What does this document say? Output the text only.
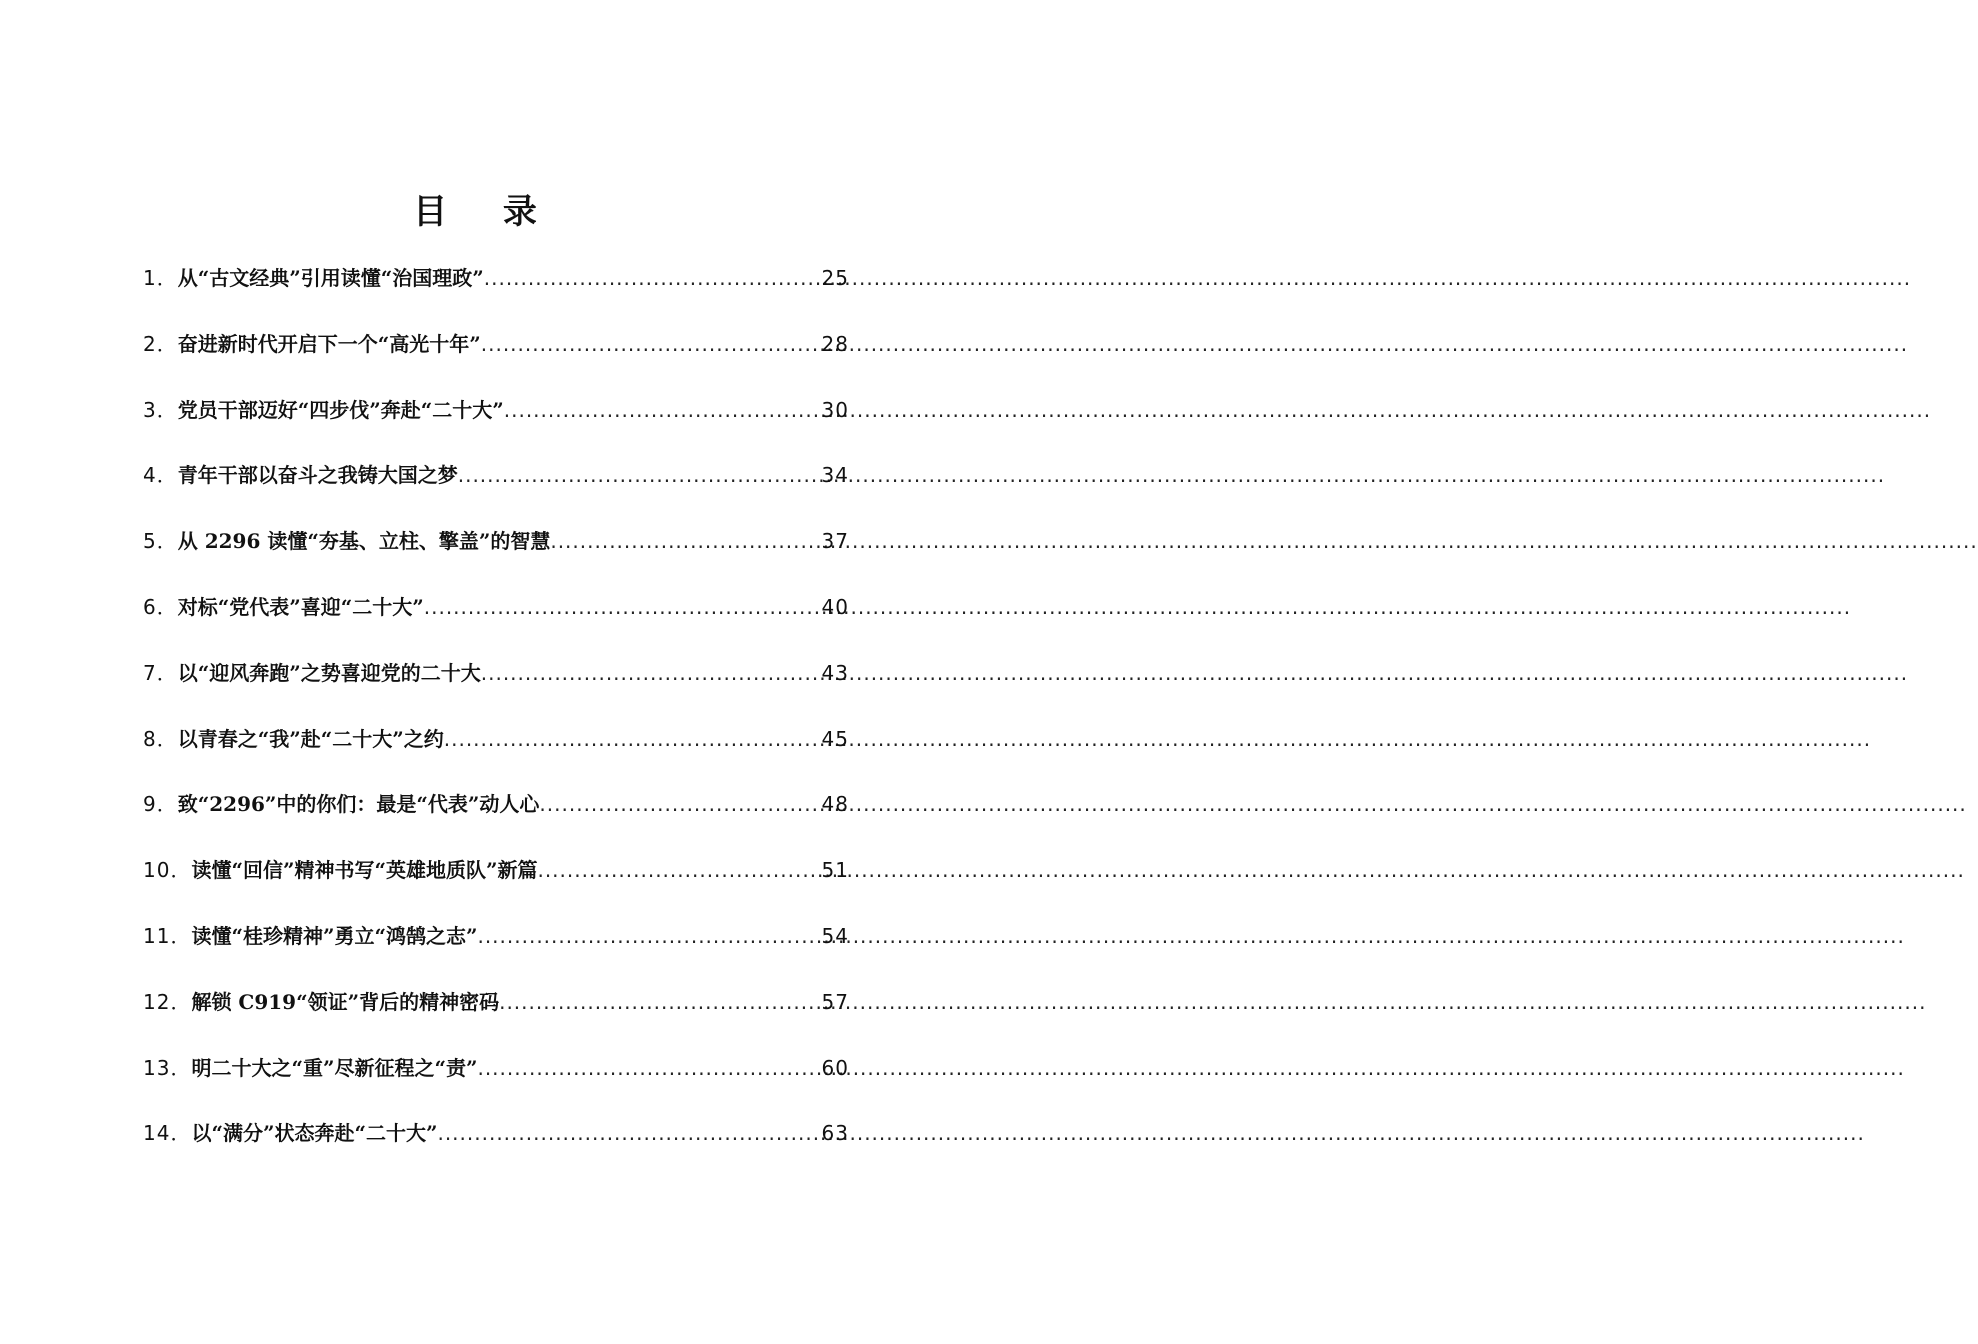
目 录
1． 从“古文经典”引用读懂“治国理政” .....	25
2． 奋进新时代开启下一个“高光十年” .....	28
3． 党员干部迈好“四步伐”奔赴“二十大” .....	30
4． 青年干部以奋斗之我铸大国之梦 .....	34
5． 从 2296 读懂“夯基、立柱、擎盖”的智慧 .....	37
6． 对标“党代表”喜迎“二十大” .....	40
7． 以“迎风奔跑”之势喜迎党的二十大 .....	43
8． 以青春之“我”赴“二十大”之约 .....	45
9． 致“2296”中的你们：最是“代表”动人心 .....	48
10． 读懂“回信”精神书写“英雄地质队”新篇 .....	51
11． 读懂“桂珍精神”勇立“鸿鹄之志” .....	54
12． 解锁 C919“领证”背后的精神密码 .....	57
13． 明二十大之“重”尽新征程之“责” .....	60
14． 以“满分”状态奔赴“二十大” .....	63
